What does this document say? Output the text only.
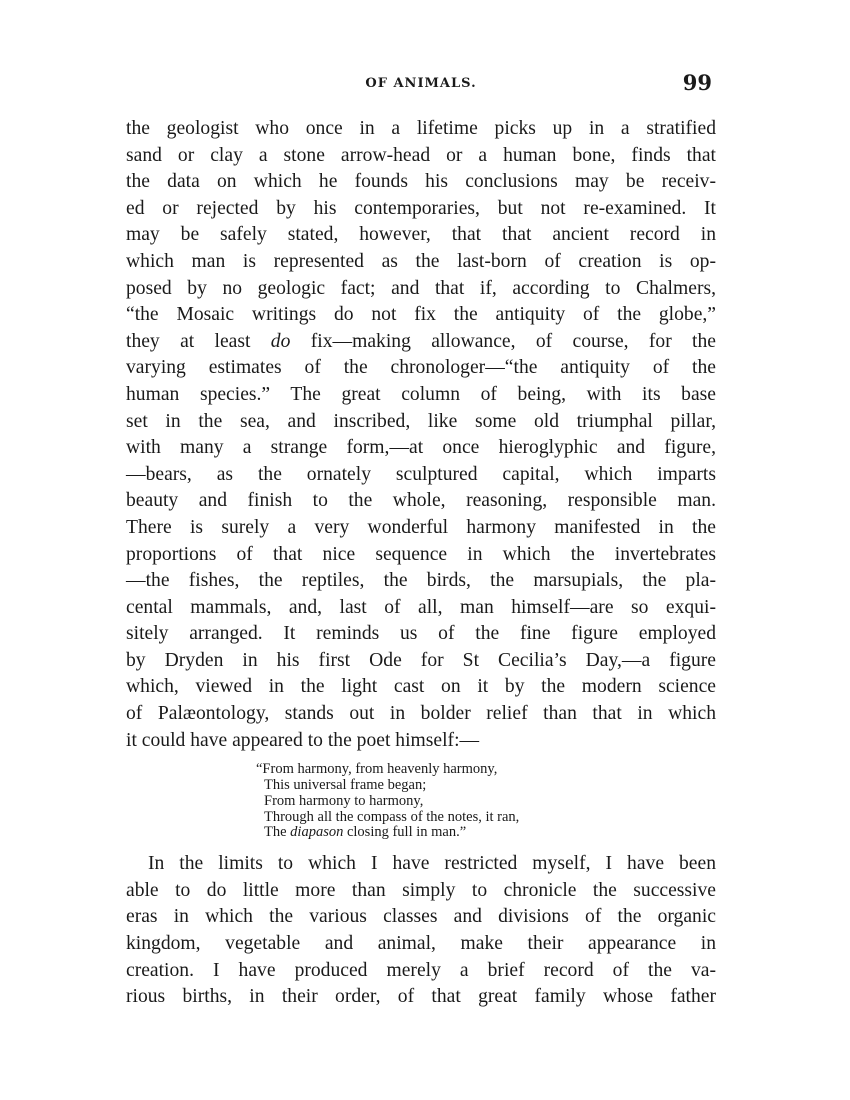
OF ANIMALS.	99
the geologist who once in a lifetime picks up in a stratified
sand or clay a stone arrow-head or a human bone, finds that
the data on which he founds his conclusions may be receiv-
ed or rejected by his contemporaries, but not re-examined. It
may be safely stated, however, that that ancient record in
which man is represented as the last-born of creation is op-
posed by no geologic fact; and that if, according to Chalmers,
“the Mosaic writings do not fix the antiquity of the globe,”
they at least do fix—making allowance, of course, for the
varying estimates of the chronologer—“the antiquity of the
human species.” The great column of being, with its base
set in the sea, and inscribed, like some old triumphal pillar,
with many a strange form,—at once hieroglyphic and figure,
—bears, as the ornately sculptured capital, which imparts
beauty and finish to the whole, reasoning, responsible man.
There is surely a very wonderful harmony manifested in the
proportions of that nice sequence in which the invertebrates
—the fishes, the reptiles, the birds, the marsupials, the pla-
cental mammals, and, last of all, man himself—are so exqui-
sitely arranged. It reminds us of the fine figure employed
by Dryden in his first Ode for St Cecilia’s Day,—a figure
which, viewed in the light cast on it by the modern science
of Palæontology, stands out in bolder relief than that in which
it could have appeared to the poet himself:—
“From harmony, from heavenly harmony,
This universal frame began;
From harmony to harmony,
Through all the compass of the notes, it ran,
The diapason closing full in man.”
In the limits to which I have restricted myself, I have been
able to do little more than simply to chronicle the successive
eras in which the various classes and divisions of the organic
kingdom, vegetable and animal, make their appearance in
creation. I have produced merely a brief record of the va-
rious births, in their order, of that great family whose father
